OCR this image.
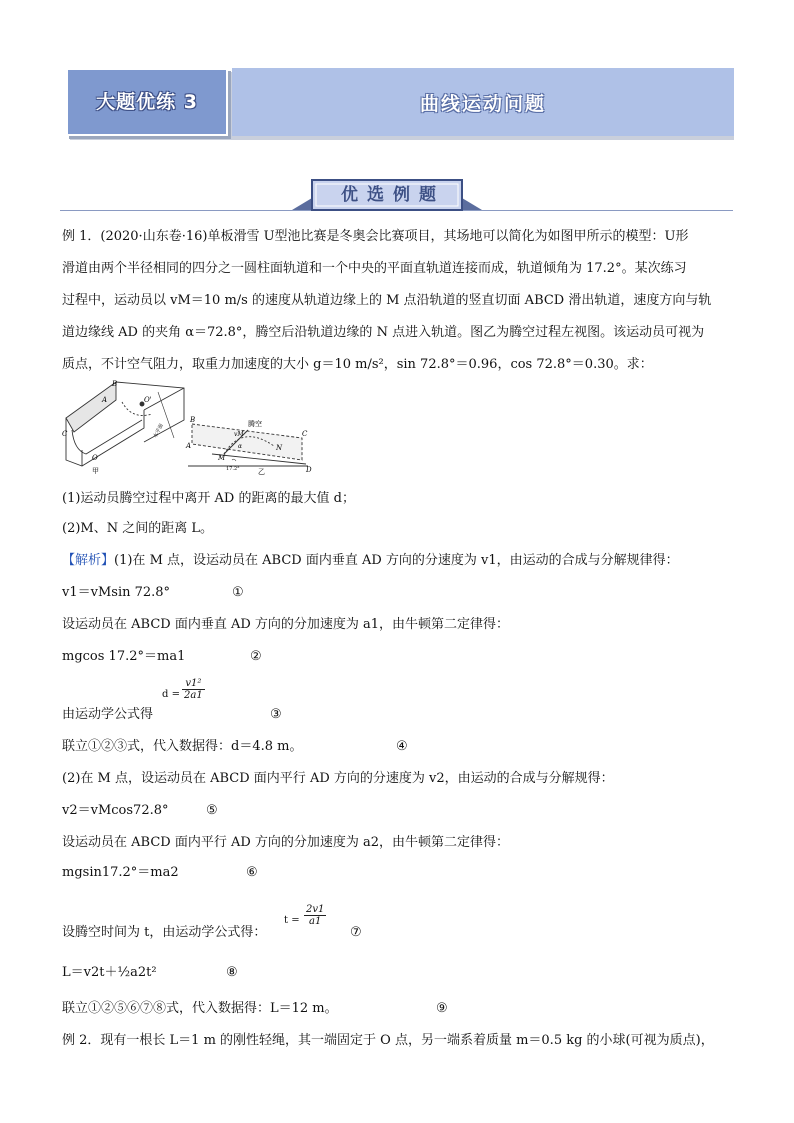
大题优练 3	曲线运动问题
优选例题
例 1．(2020·山东卷·16)单板滑雪 U型池比赛是冬奥会比赛项目，其场地可以简化为如图甲所示的模型：U形
滑道由两个半径相同的四分之一圆柱面轨道和一个中央的平面直轨道连接而成，轨道倾角为 17.2°。某次练习
过程中，运动员以 vM＝10 m/s 的速度从轨道边缘上的 M 点沿轨道的竖直切面 ABCD 滑出轨道，速度方向与轨
道边缘线 AD 的夹角 α＝72.8°，腾空后沿轨道边缘的 N 点进入轨道。图乙为腾空过程左视图。该运动员可视为
质点，不计空气阻力，取重力加速度的大小 g＝10 m/s²，sin 72.8°＝0.96，cos 72.8°＝0.30。求：
B
A
C
O
O'
甲
水平面
B
C
A
M
N
D
vM
α
腾空
17.2°	乙
(1)运动员腾空过程中离开 AD 的距离的最大值 d；
(2)M、N 之间的距离 L。
【解析】(1)在 M 点，设运动员在 ABCD 面内垂直 AD 方向的分速度为 v1，由运动的合成与分解规律得：
v1＝vMsin 72.8°	①
设运动员在 ABCD 面内垂直 AD 方向的分加速度为 a1，由牛顿第二定律得：
mgcos 17.2°＝ma1	②
$d = \frac{\text{v1²}}{2a1}$
由运动学公式得	③
联立①②③式，代入数据得：d＝4.8 m。	④
(2)在 M 点，设运动员在 ABCD 面内平行 AD 方向的分速度为 v2，由运动的合成与分解规得：
v2＝vMcos72.8°	⑤
设运动员在 ABCD 面内平行 AD 方向的分加速度为 a2，由牛顿第二定律得：
mgsin17.2°＝ma2	⑥
$t = \frac{2v1}{a1}$
设腾空时间为 t，由运动学公式得：	⑦
L＝v2t＋½a2t²	⑧
联立①②⑤⑥⑦⑧式，代入数据得：L＝12 m。	⑨
例 2．现有一根长 L＝1 m 的刚性轻绳，其一端固定于 O 点，另一端系着质量 m＝0.5 kg 的小球(可视为质点)，
